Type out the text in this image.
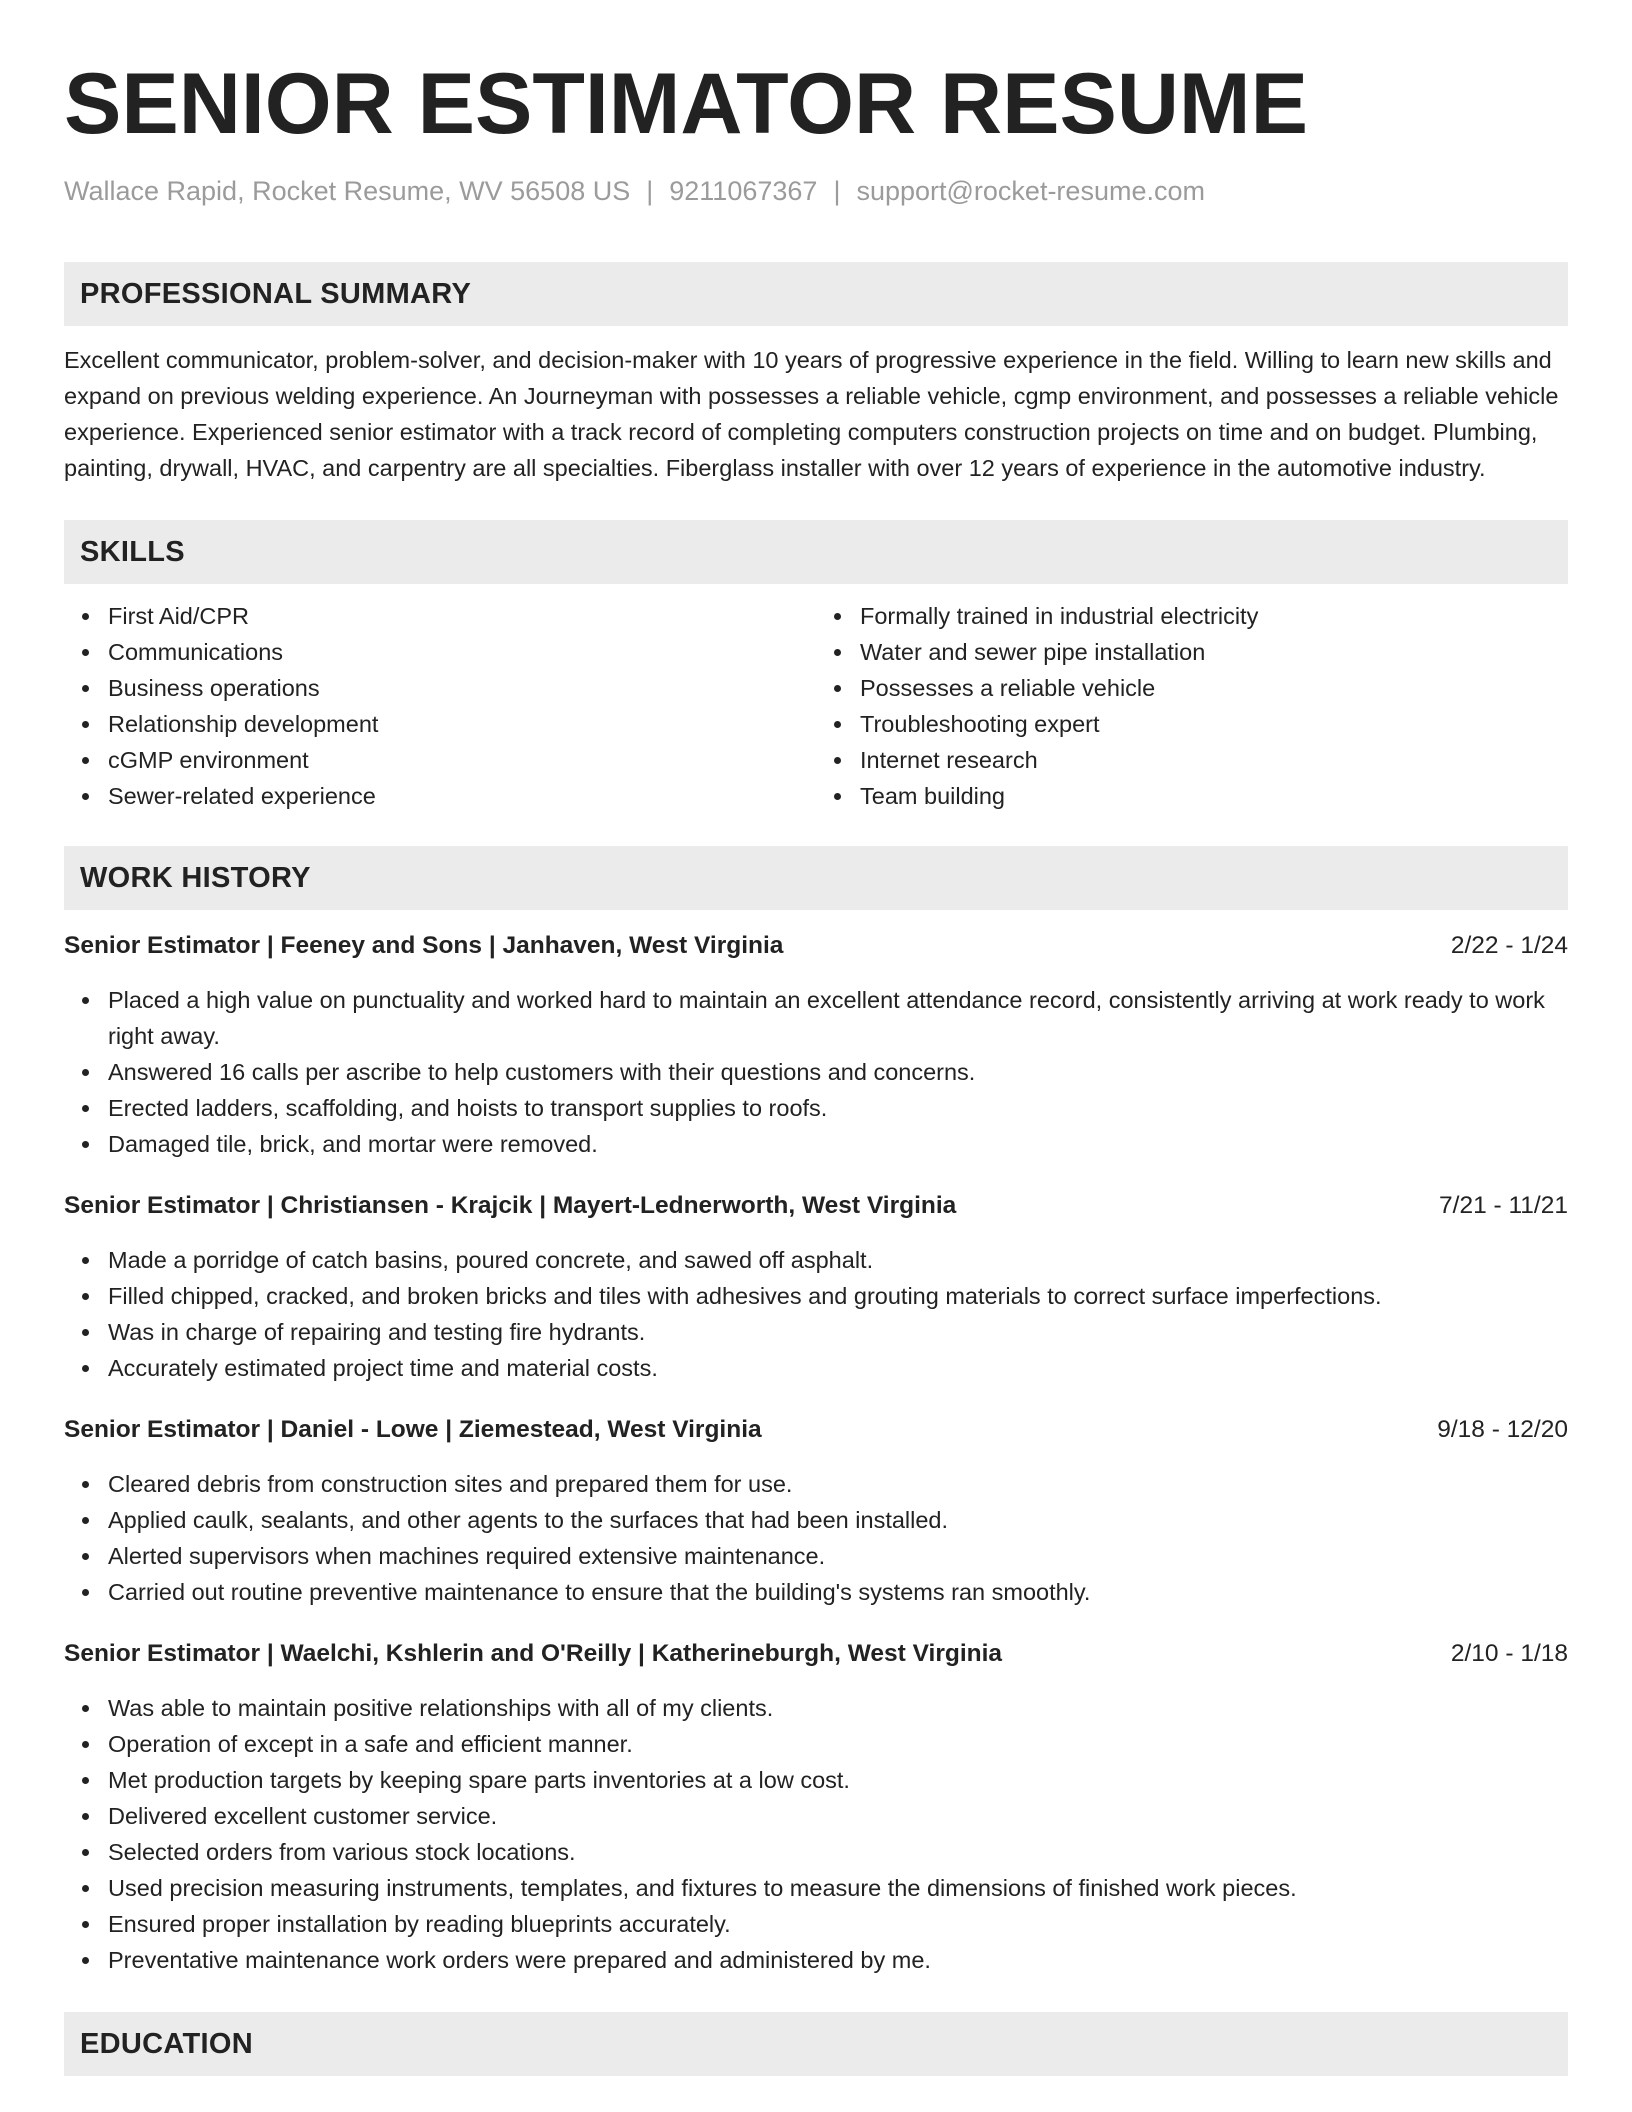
SENIOR ESTIMATOR RESUME
Wallace Rapid, Rocket Resume, WV 56508 US | 9211067367 | support@rocket-resume.com
PROFESSIONAL SUMMARY
Excellent communicator, problem-solver, and decision-maker with 10 years of progressive experience in the field. Willing to learn new skills and expand on previous welding experience. An Journeyman with possesses a reliable vehicle, cgmp environment, and possesses a reliable vehicle experience. Experienced senior estimator with a track record of completing computers construction projects on time and on budget. Plumbing, painting, drywall, HVAC, and carpentry are all specialties. Fiberglass installer with over 12 years of experience in the automotive industry.
SKILLS
First Aid/CPR
Communications
Business operations
Relationship development
cGMP environment
Sewer-related experience
Formally trained in industrial electricity
Water and sewer pipe installation
Possesses a reliable vehicle
Troubleshooting expert
Internet research
Team building
WORK HISTORY
Senior Estimator | Feeney and Sons | Janhaven, West Virginia	2/22 - 1/24
Placed a high value on punctuality and worked hard to maintain an excellent attendance record, consistently arriving at work ready to work right away.
Answered 16 calls per ascribe to help customers with their questions and concerns.
Erected ladders, scaffolding, and hoists to transport supplies to roofs.
Damaged tile, brick, and mortar were removed.
Senior Estimator | Christiansen - Krajcik | Mayert-Lednerworth, West Virginia	7/21 - 11/21
Made a porridge of catch basins, poured concrete, and sawed off asphalt.
Filled chipped, cracked, and broken bricks and tiles with adhesives and grouting materials to correct surface imperfections.
Was in charge of repairing and testing fire hydrants.
Accurately estimated project time and material costs.
Senior Estimator | Daniel - Lowe | Ziemestead, West Virginia	9/18 - 12/20
Cleared debris from construction sites and prepared them for use.
Applied caulk, sealants, and other agents to the surfaces that had been installed.
Alerted supervisors when machines required extensive maintenance.
Carried out routine preventive maintenance to ensure that the building's systems ran smoothly.
Senior Estimator | Waelchi, Kshlerin and O'Reilly | Katherineburgh, West Virginia	2/10 - 1/18
Was able to maintain positive relationships with all of my clients.
Operation of except in a safe and efficient manner.
Met production targets by keeping spare parts inventories at a low cost.
Delivered excellent customer service.
Selected orders from various stock locations.
Used precision measuring instruments, templates, and fixtures to measure the dimensions of finished work pieces.
Ensured proper installation by reading blueprints accurately.
Preventative maintenance work orders were prepared and administered by me.
EDUCATION
